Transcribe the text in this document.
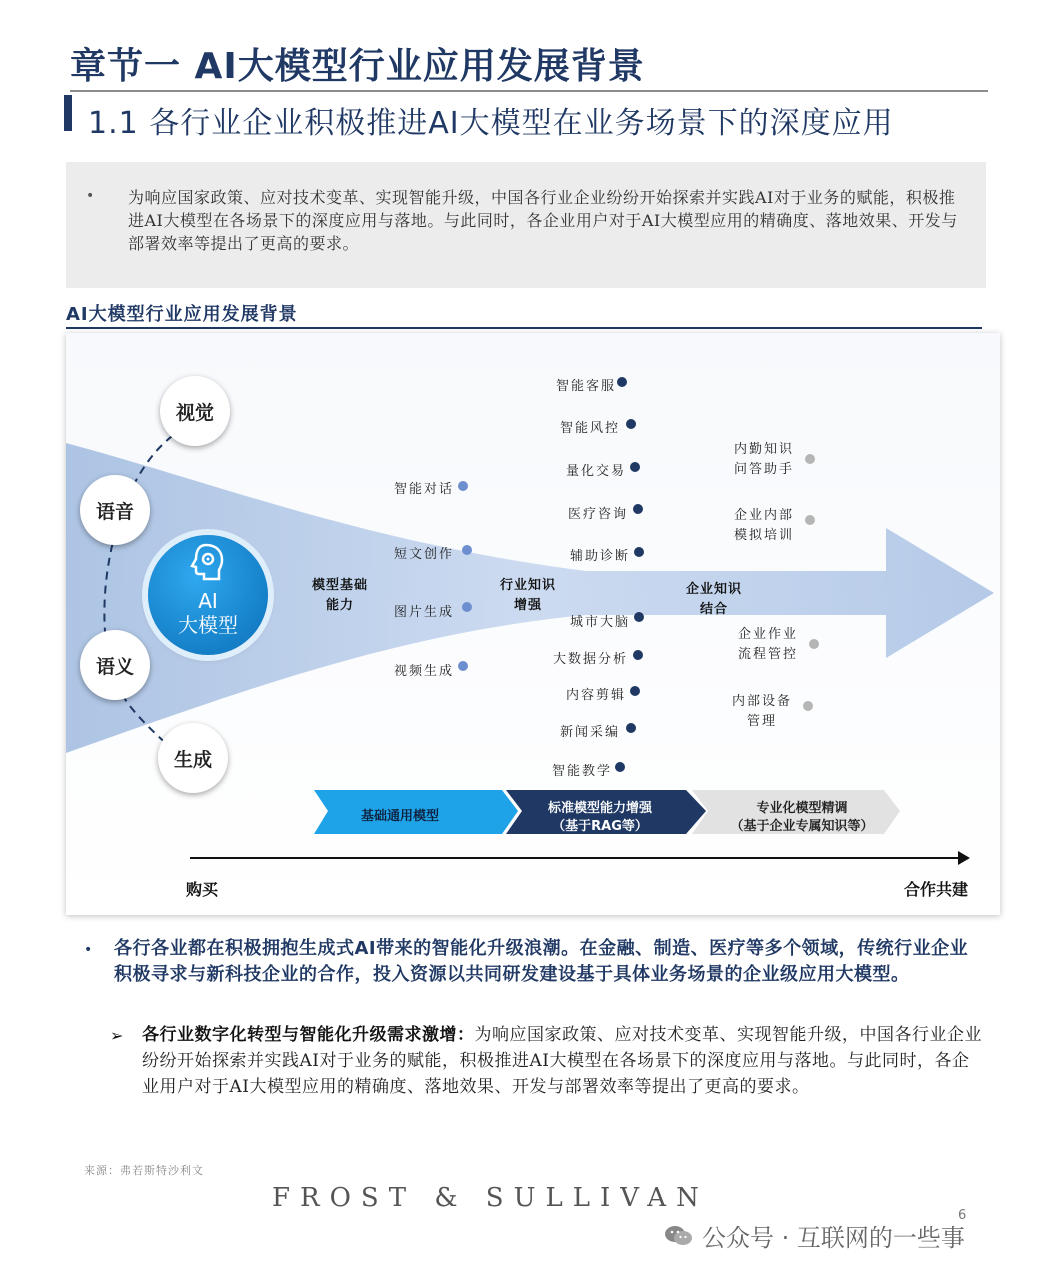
章节一 AI大模型行业应用发展背景
1.1 各行业企业积极推进AI大模型在业务场景下的深度应用
• 为响应国家政策、应对技术变革、实现智能升级，中国各行业企业纷纷开始探索并实践AI对于业务的赋能，积极推进AI大模型在各场景下的深度应用与落地。与此同时，各企业用户对于AI大模型应用的精确度、落地效果、开发与部署效率等提出了更高的要求。
AI大模型行业应用发展背景
视觉
语音
语义
生成
AI
大模型
模型基础
能力
行业知识
增强
企业知识
结合
智能对话
短文创作
图片生成
视频生成
智能客服
智能风控
量化交易
医疗咨询
辅助诊断
城市大脑
大数据分析
内容剪辑
新闻采编
智能教学
内勤知识
问答助手
企业内部
模拟培训
企业作业
流程管控
内部设备
管理
基础通用模型
标准模型能力增强
（基于RAG等）
专业化模型精调
（基于企业专属知识等）
购买	合作共建
• 各行各业都在积极拥抱生成式AI带来的智能化升级浪潮。在金融、制造、医疗等多个领域，传统行业企业积极寻求与新科技企业的合作，投入资源以共同研发建设基于具体业务场景的企业级应用大模型。
➢ 各行业数字化转型与智能化升级需求激增：为响应国家政策、应对技术变革、实现智能升级，中国各行业企业纷纷开始探索并实践AI对于业务的赋能，积极推进AI大模型在各场景下的深度应用与落地。与此同时，各企业用户对于AI大模型应用的精确度、落地效果、开发与部署效率等提出了更高的要求。
来源：弗若斯特沙利文
FROST & SULLIVAN
6
公众号 · 互联网的一些事
